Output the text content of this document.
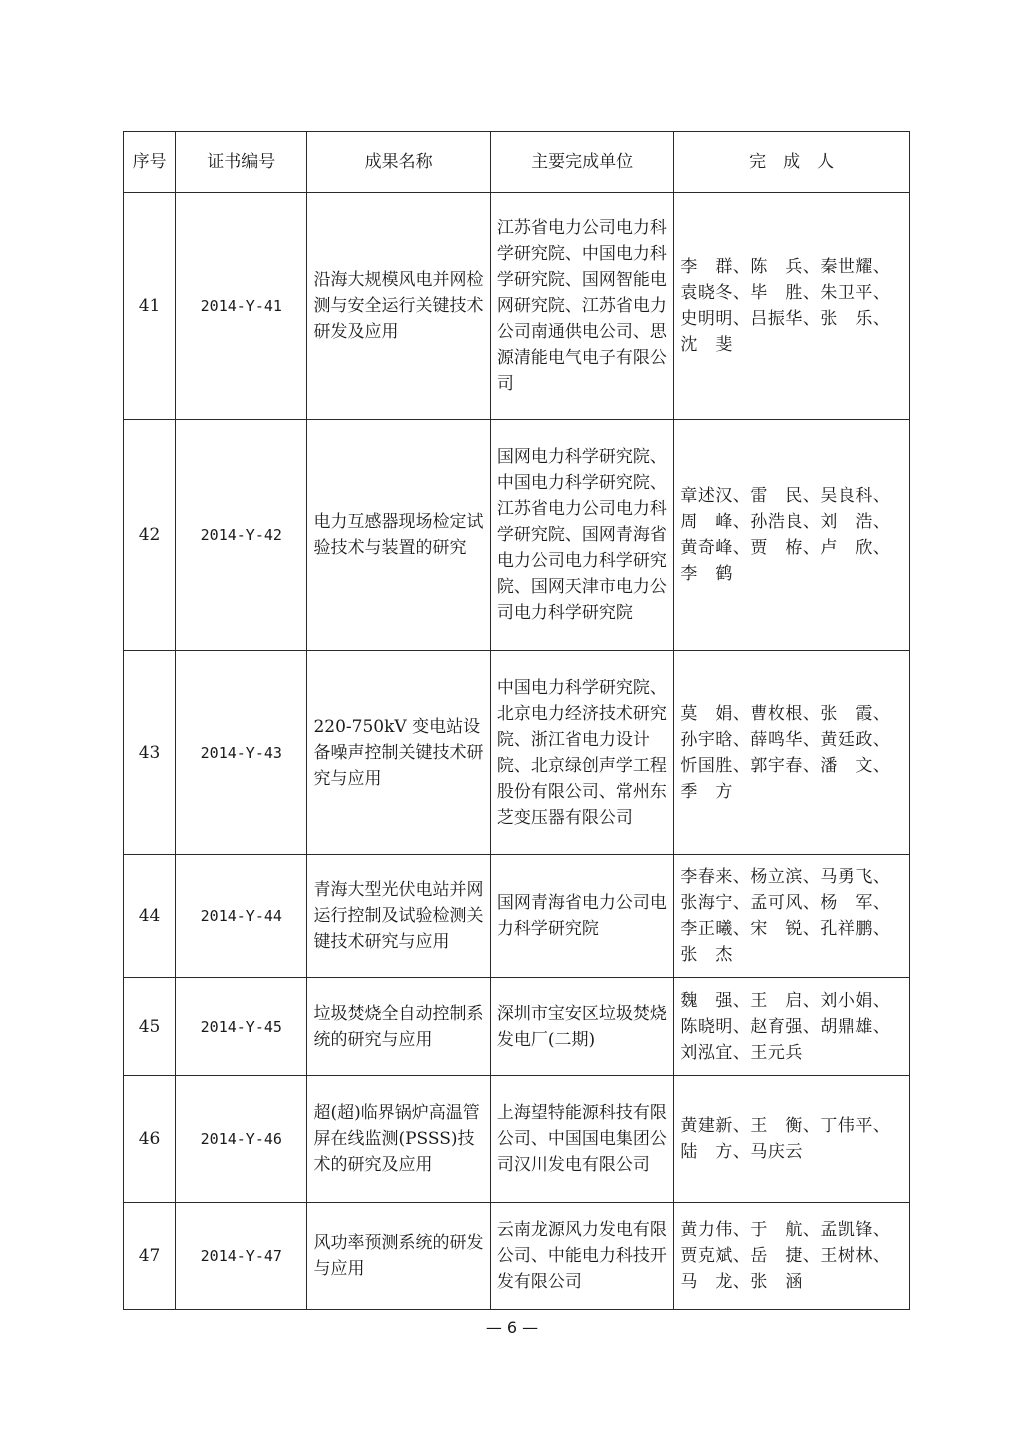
序号	证书编号	成果名称	主要完成单位	完　成　人
41	2014-Y-41	沿海大规模风电并网检测与安全运行关键技术研发及应用	江苏省电力公司电力科学研究院、中国电力科学研究院、国网智能电网研究院、江苏省电力公司南通供电公司、思源清能电气电子有限公司	李　群、陈　兵、秦世耀、袁晓冬、毕　胜、朱卫平、史明明、吕振华、张　乐、沈　斐
42	2014-Y-42	电力互感器现场检定试验技术与装置的研究	国网电力科学研究院、中国电力科学研究院、江苏省电力公司电力科学研究院、国网青海省电力公司电力科学研究院、国网天津市电力公司电力科学研究院	章述汉、雷　民、吴良科、周　峰、孙浩良、刘　浩、黄奇峰、贾　栫、卢　欣、李　鹤
43	2014-Y-43	220-750kV 变电站设备噪声控制关键技术研究与应用	中国电力科学研究院、北京电力经济技术研究院、浙江省电力设计院、北京绿创声学工程股份有限公司、常州东芝变压器有限公司	莫　娟、曹枚根、张　霞、孙宇晗、薛鸣华、黄廷政、忻国胜、郭宇春、潘　文、季　方
44	2014-Y-44	青海大型光伏电站并网运行控制及试验检测关键技术研究与应用	国网青海省电力公司电力科学研究院	李春来、杨立滨、马勇飞、张海宁、孟可风、杨　军、李正曦、宋　锐、孔祥鹏、张　杰
45	2014-Y-45	垃圾焚烧全自动控制系统的研究与应用	深圳市宝安区垃圾焚烧发电厂(二期)	魏　强、王　启、刘小娟、陈晓明、赵育强、胡鼎雄、刘泓宜、王元兵
46	2014-Y-46	超(超)临界锅炉高温管屏在线监测(PSSS)技术的研究及应用	上海望特能源科技有限公司、中国国电集团公司汉川发电有限公司	黄建新、王　衡、丁伟平、陆　方、马庆云
47	2014-Y-47	风功率预测系统的研发与应用	云南龙源风力发电有限公司、中能电力科技开发有限公司	黄力伟、于　航、孟凯锋、贾克斌、岳　捷、王树林、马　龙、张　涵
— 6 —
